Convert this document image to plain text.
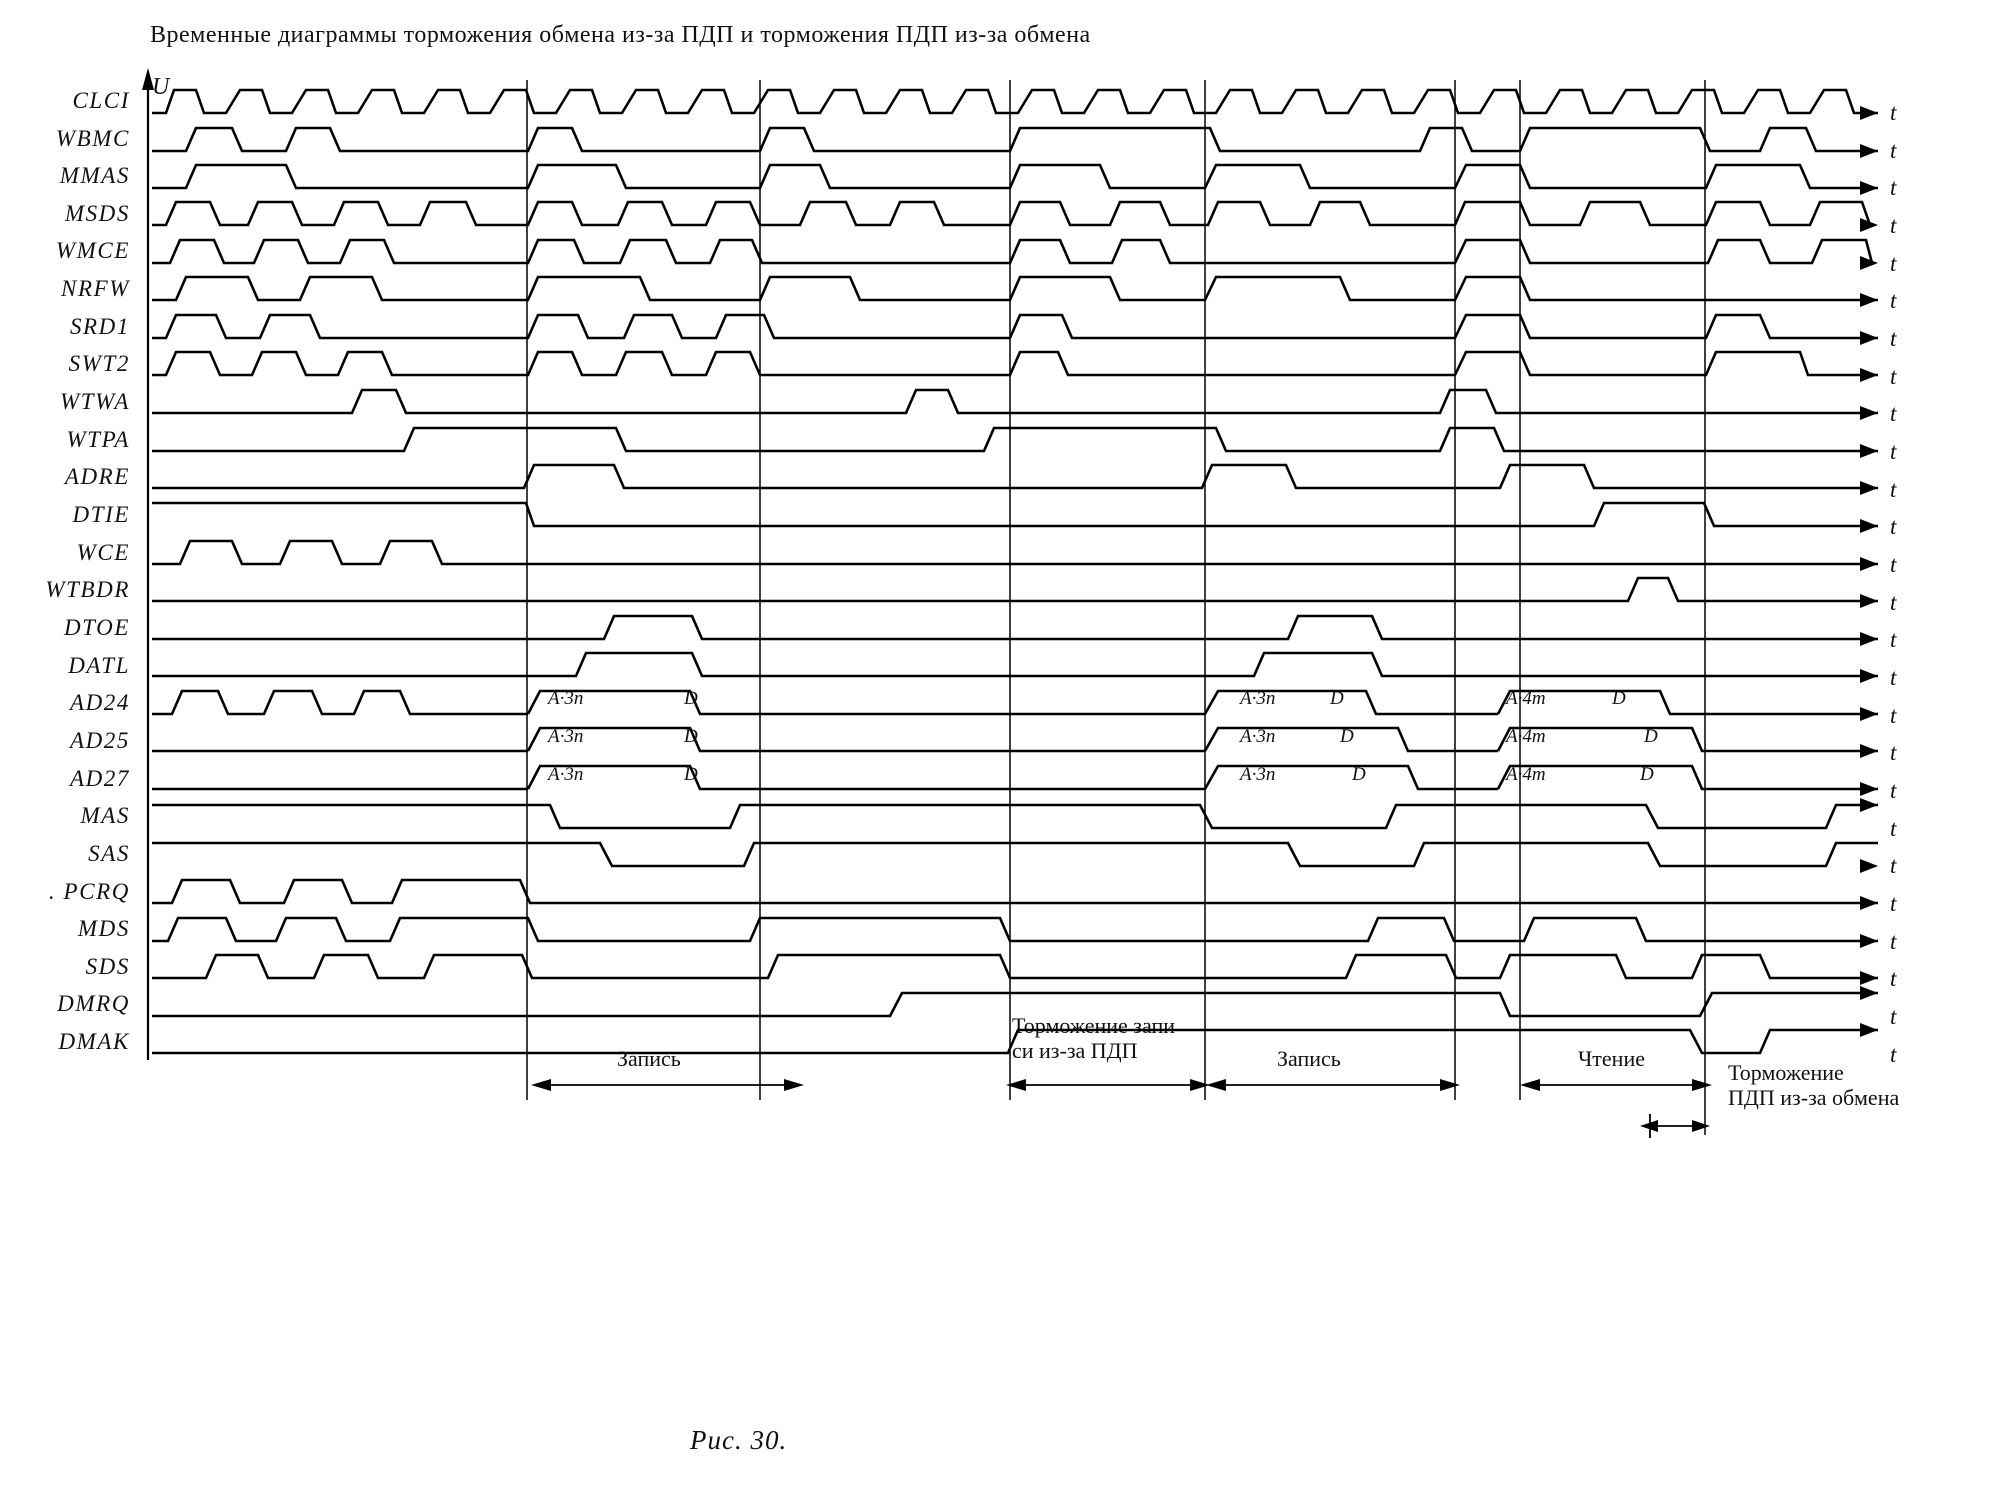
Временные диаграммы торможения обмена из-за ПДП и торможения ПДП из-за обмена
Рис. 30.
U
CLCI
WBMC
MMAS
MSDS
WMCE
NRFW
SRD1
SWT2
WTWA
WTPA
ADRE
DTIE
WCE
WTBDR
DTOE
DATL
AD24
AD25
AD27
MAS
SAS
. PCRQ
MDS
SDS
DMRQ
DMAK
t
t
t
t
t
t
t
t
t
t
t
t
t
t
t
t
t
t
t
t
t
t
t
t
t
t
A·3n	D	A·3n	D	A·4т	D
A·3n	D	A·3n	D	A·4т	D
A·3n	D	A·3n	D	A·4т	D
Запись
Торможение запи
си из-за ПДП	Запись	Чтение
Торможение
ПДП из-за обмена
